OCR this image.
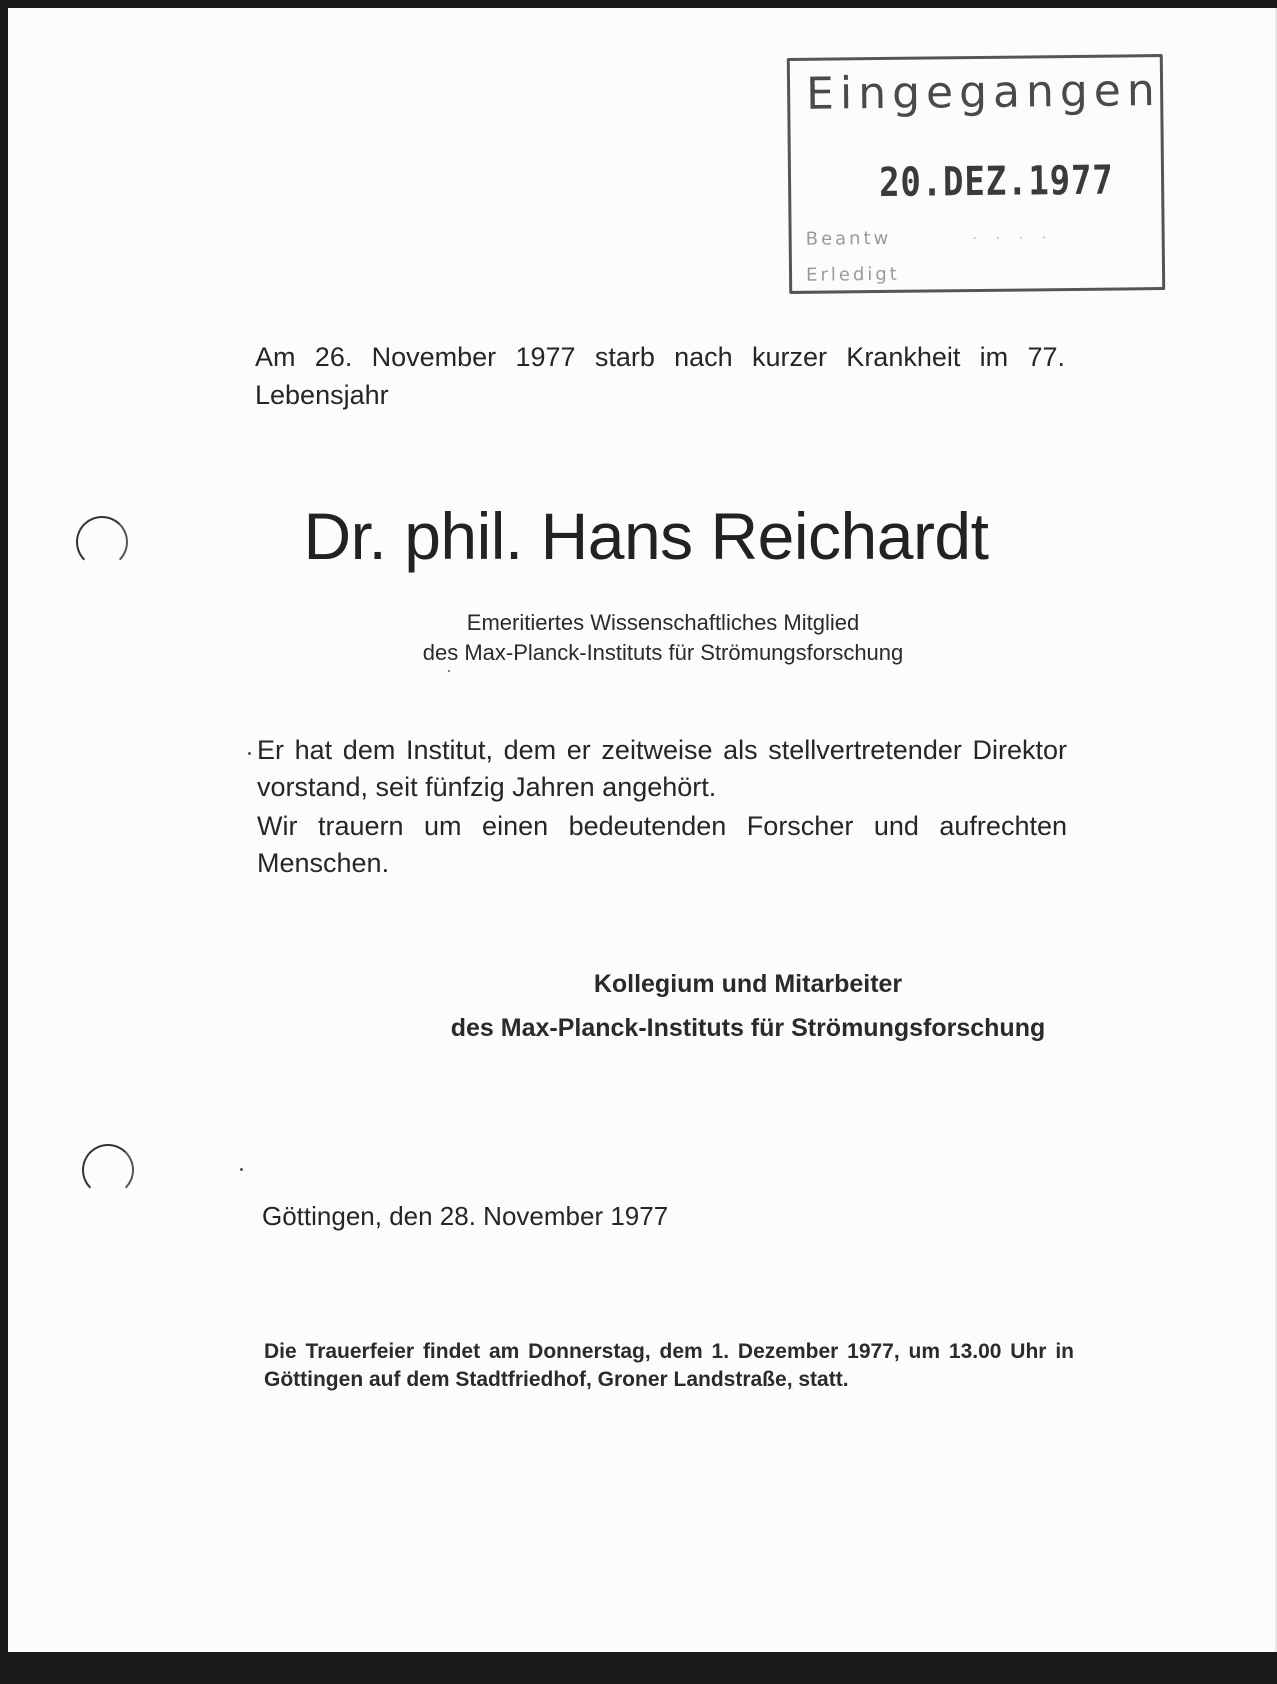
Eingegangen
20.DEZ.1977
Beantw	· · · ·
Erledigt

Am 26. November 1977 starb nach kurzer Krankheit im 77. Lebensjahr

Dr. phil. Hans Reichardt
Emeritiertes Wissenschaftliches Mitglied
des Max-Planck-Instituts für Strömungsforschung

Er hat dem Institut, dem er zeitweise als stellvertretender Direktor vorstand, seit fünfzig Jahren angehört.

Wir trauern um einen bedeutenden Forscher und aufrechten Menschen.

Kollegium und Mitarbeiter
des Max-Planck-Instituts für Strömungsforschung

Göttingen, den 28. November 1977

Die Trauerfeier findet am Donnerstag, dem 1. Dezember 1977, um 13.00 Uhr in Göttingen auf dem Stadtfriedhof, Groner Landstraße, statt.
